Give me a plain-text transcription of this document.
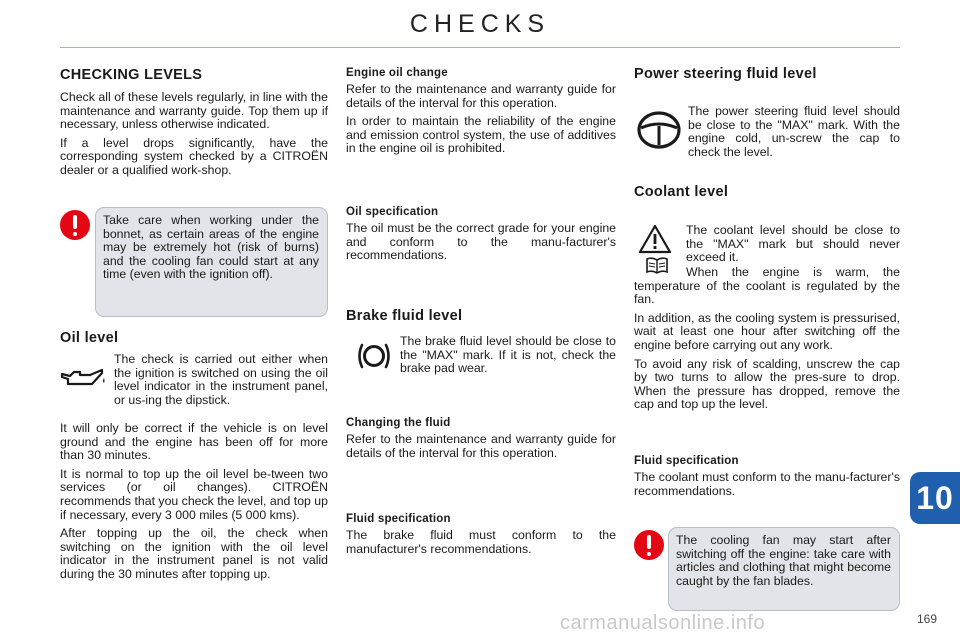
CHECKS
CHECKING LEVELS

Check all of these levels regularly, in line with the maintenance and warranty guide. Top them up if necessary, unless otherwise indicated.

If a level drops significantly, have the corresponding system checked by a CITROËN dealer or a qualified work-shop.

Take care when working under the bonnet, as certain areas of the engine may be extremely hot (risk of burns) and the cooling fan could start at any time (even with the ignition off).

Oil level

The check is carried out either when the ignition is switched on using the oil level indicator in the instrument panel, or us-ing the dipstick.

It will only be correct if the vehicle is on level ground and the engine has been off for more than 30 minutes.

It is normal to top up the oil level be-tween two services (or oil changes). CITROËN recommends that you check the level, and top up if necessary, every 3 000 miles (5 000 kms).

After topping up the oil, the check when switching on the ignition with the oil level indicator in the instrument panel is not valid during the 30 minutes after topping up.

Engine oil change

Refer to the maintenance and warranty guide for details of the interval for this operation.

In order to maintain the reliability of the engine and emission control system, the use of additives in the engine oil is prohibited.

Oil specification

The oil must be the correct grade for your engine and conform to the manu-facturer's recommendations.

Brake fluid level

The brake fluid level should be close to the "MAX" mark. If it is not, check the brake pad wear.

Changing the fluid

Refer to the maintenance and warranty guide for details of the interval for this operation.

Fluid specification

The brake fluid must conform to the manufacturer's recommendations.

Power steering fluid level

The power steering fluid level should be close to the "MAX" mark. With the engine cold, un-screw the cap to check the level.

Coolant level

The coolant level should be close to the "MAX" mark but should never exceed it.

When the engine is warm, the temperature of the coolant is regulated by the fan.

In addition, as the cooling system is pressurised, wait at least one hour after switching off the engine before carrying out any work.

To avoid any risk of scalding, unscrew the cap by two turns to allow the pres-sure to drop. When the pressure has dropped, remove the cap and top up the level.

Fluid specification

The coolant must conform to the manu-facturer's recommendations.

The cooling fan may start after switching off the engine: take care with articles and clothing that might become caught by the fan blades.

10
169
carmanualsonline.info
